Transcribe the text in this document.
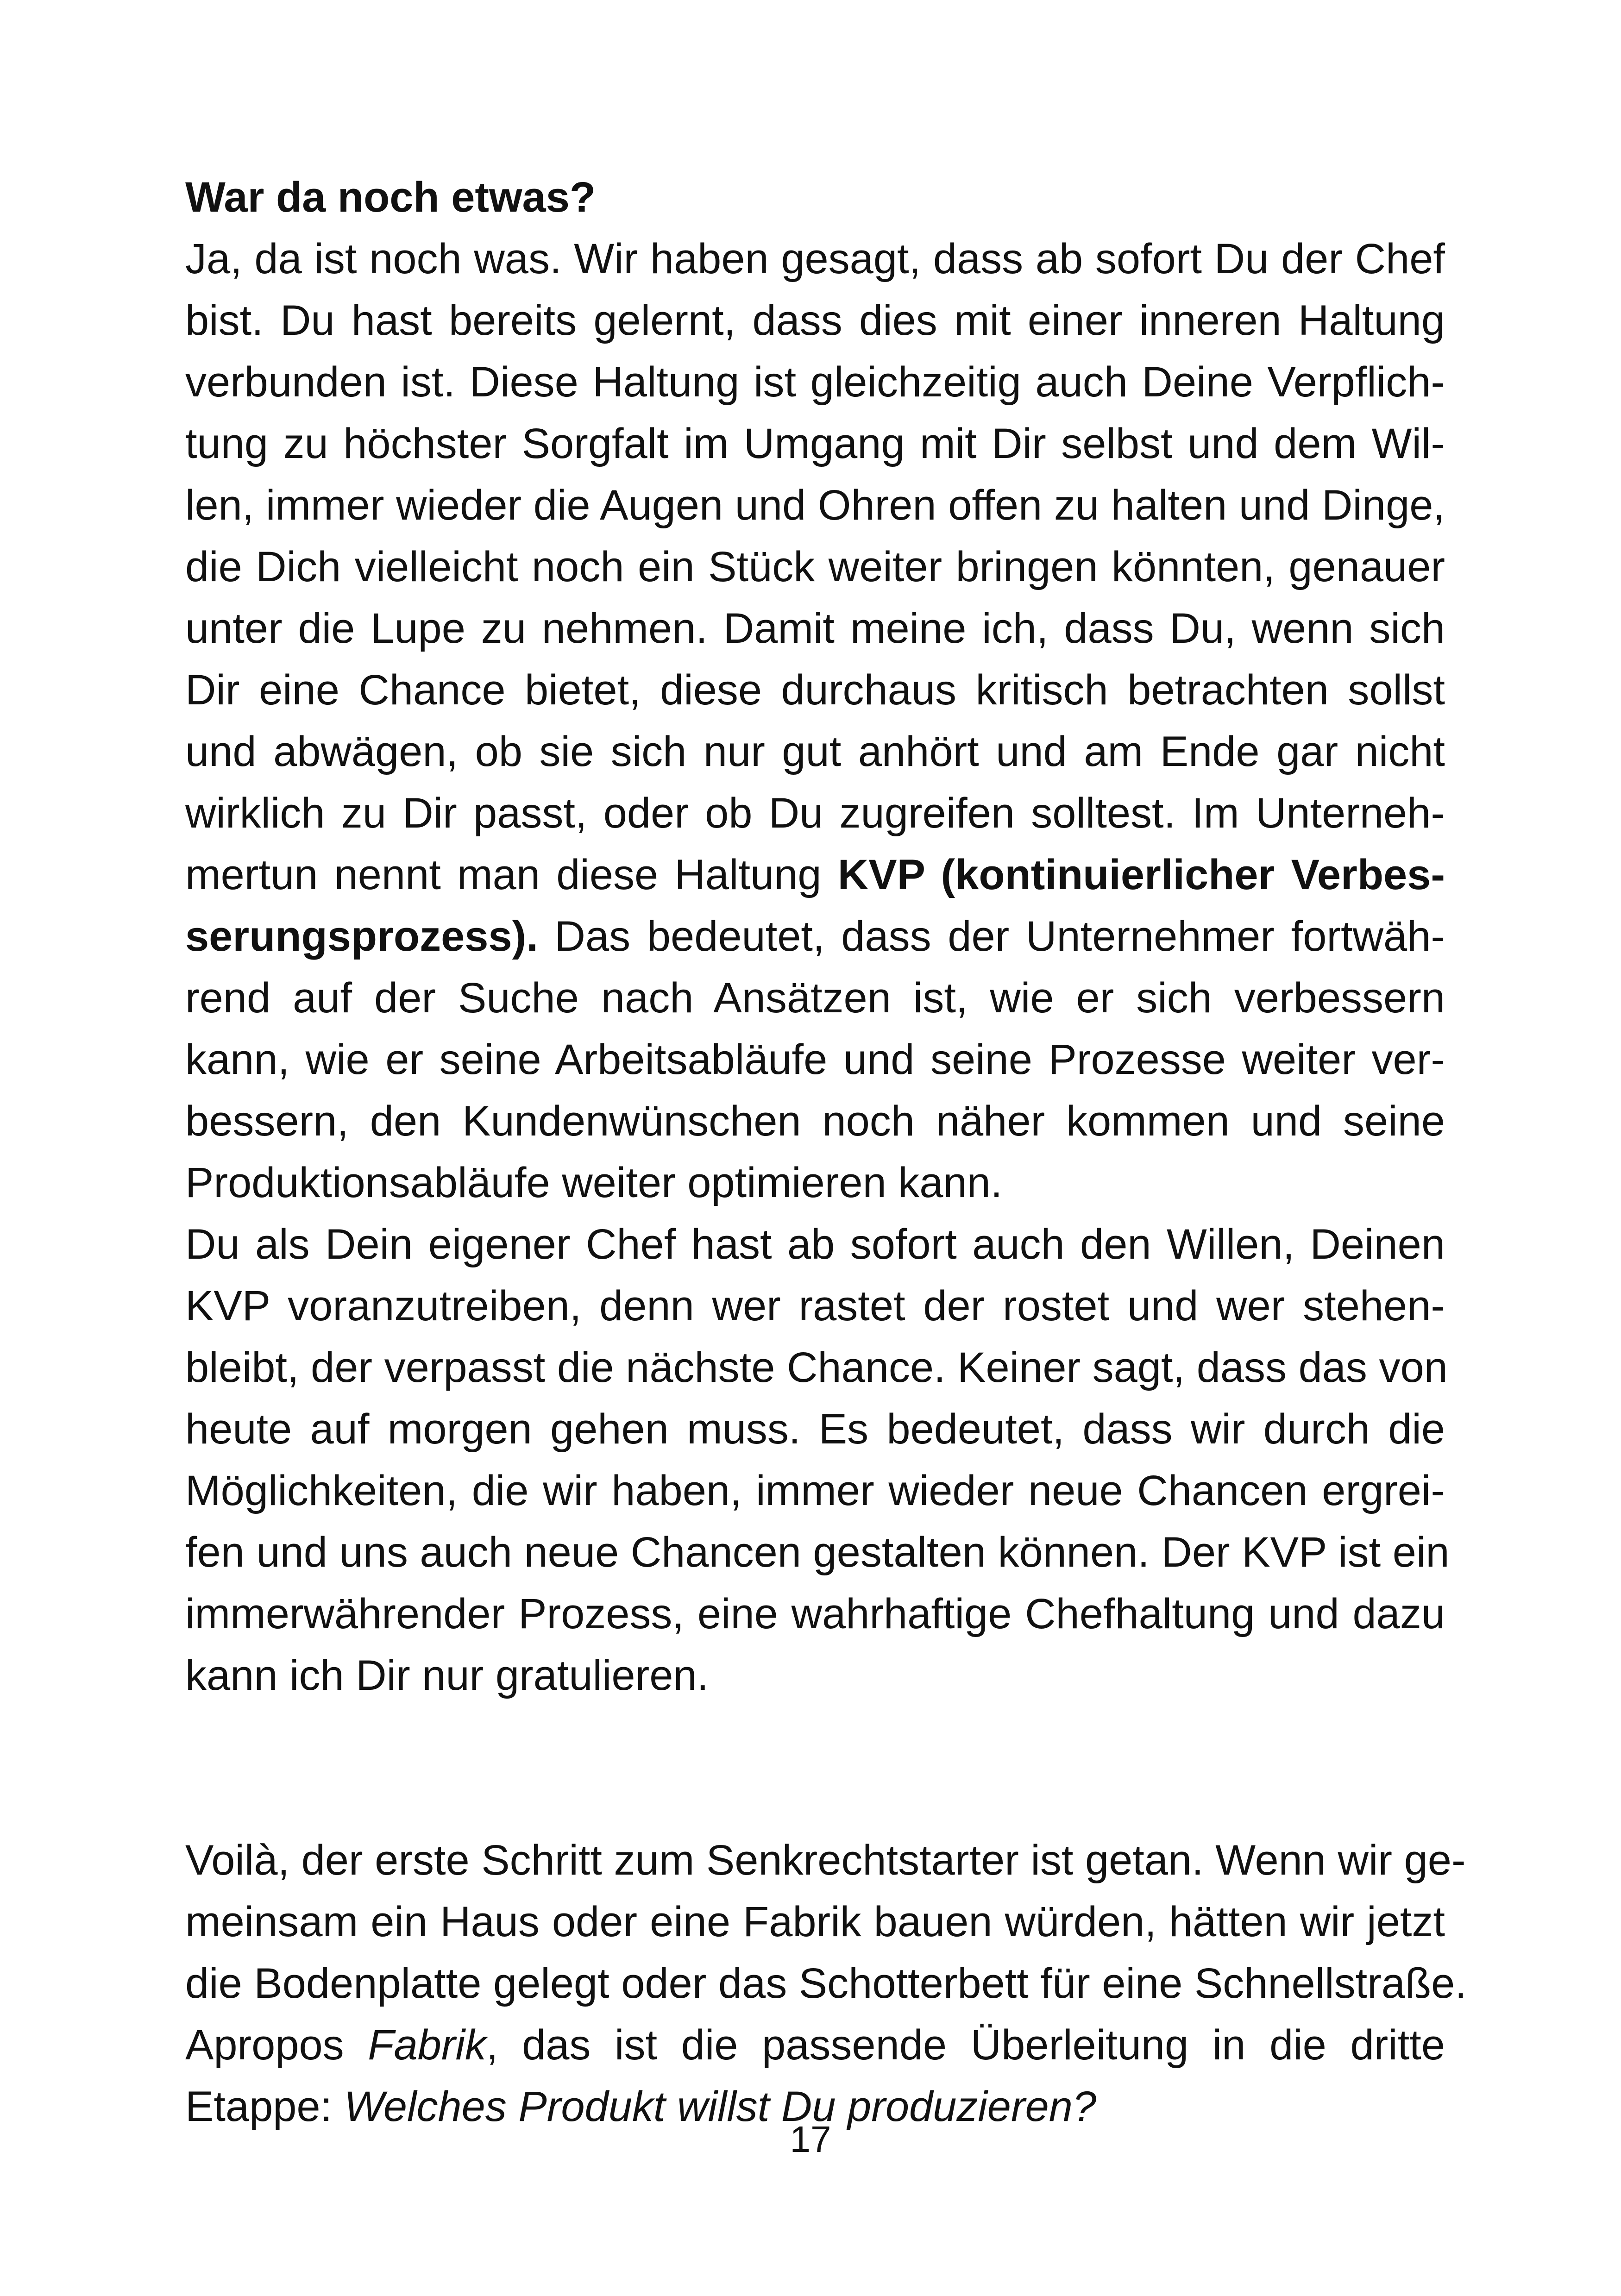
War da noch etwas?
Ja, da ist noch was. Wir haben gesagt, dass ab sofort Du der Chef
bist. Du hast bereits gelernt, dass dies mit einer inneren Haltung
verbunden ist. Diese Haltung ist gleichzeitig auch Deine Verpflich-
tung zu höchster Sorgfalt im Umgang mit Dir selbst und dem Wil-
len, immer wieder die Augen und Ohren offen zu halten und Dinge,
die Dich vielleicht noch ein Stück weiter bringen könnten, genauer
unter die Lupe zu nehmen. Damit meine ich, dass Du, wenn sich
Dir eine Chance bietet, diese durchaus kritisch betrachten sollst
und abwägen, ob sie sich nur gut anhört und am Ende gar nicht
wirklich zu Dir passt, oder ob Du zugreifen solltest. Im Unterneh-
mertun nennt man diese Haltung KVP (kontinuierlicher Verbes-
serungsprozess). Das bedeutet, dass der Unternehmer fortwäh-
rend auf der Suche nach Ansätzen ist, wie er sich verbessern
kann, wie er seine Arbeitsabläufe und seine Prozesse weiter ver-
bessern, den Kundenwünschen noch näher kommen und seine
Produktionsabläufe weiter optimieren kann.
Du als Dein eigener Chef hast ab sofort auch den Willen, Deinen
KVP voranzutreiben, denn wer rastet der rostet und wer stehen-
bleibt, der verpasst die nächste Chance. Keiner sagt, dass das von
heute auf morgen gehen muss. Es bedeutet, dass wir durch die
Möglichkeiten, die wir haben, immer wieder neue Chancen ergrei-
fen und uns auch neue Chancen gestalten können. Der KVP ist ein
immerwährender Prozess, eine wahrhaftige Chefhaltung und dazu
kann ich Dir nur gratulieren.
Voilà, der erste Schritt zum Senkrechtstarter ist getan. Wenn wir ge-
meinsam ein Haus oder eine Fabrik bauen würden, hätten wir jetzt
die Bodenplatte gelegt oder das Schotterbett für eine Schnellstraße.
Apropos Fabrik, das ist die passende Überleitung in die dritte
Etappe: Welches Produkt willst Du produzieren?
17
